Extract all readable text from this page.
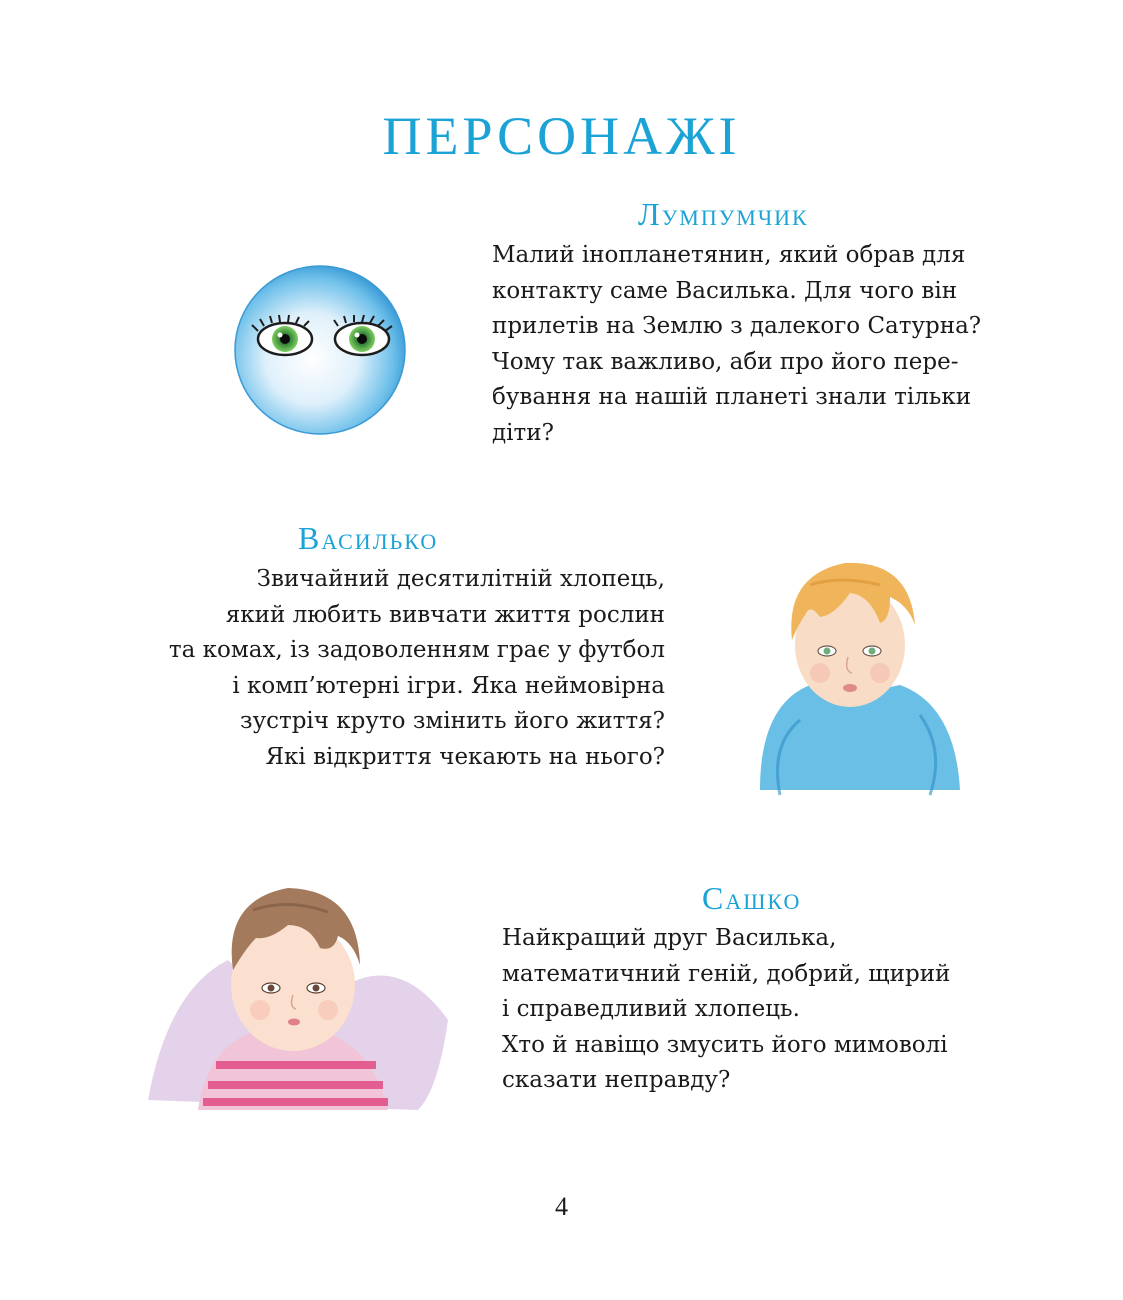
ПЕРСОНАЖІ
Лумпумчик
Малий інопланетянин, який обрав для
контакту саме Василька. Для чого він
прилетів на Землю з далекого Сатурна?
Чому так важливо, аби про його пере-
бування на нашій планеті знали тільки
діти?
Василько
Звичайний десятилітній хлопець,
який любить вивчати життя рослин
та комах, із задоволенням грає у футбол
і комп’ютерні ігри. Яка неймовірна
зустріч круто змінить його життя?
Які відкриття чекають на нього?
Сашко
Найкращий друг Василька,
математичний геній, добрий, щирий
і справедливий хлопець.
Хто й навіщо змусить його мимоволі
сказати неправду?
4
